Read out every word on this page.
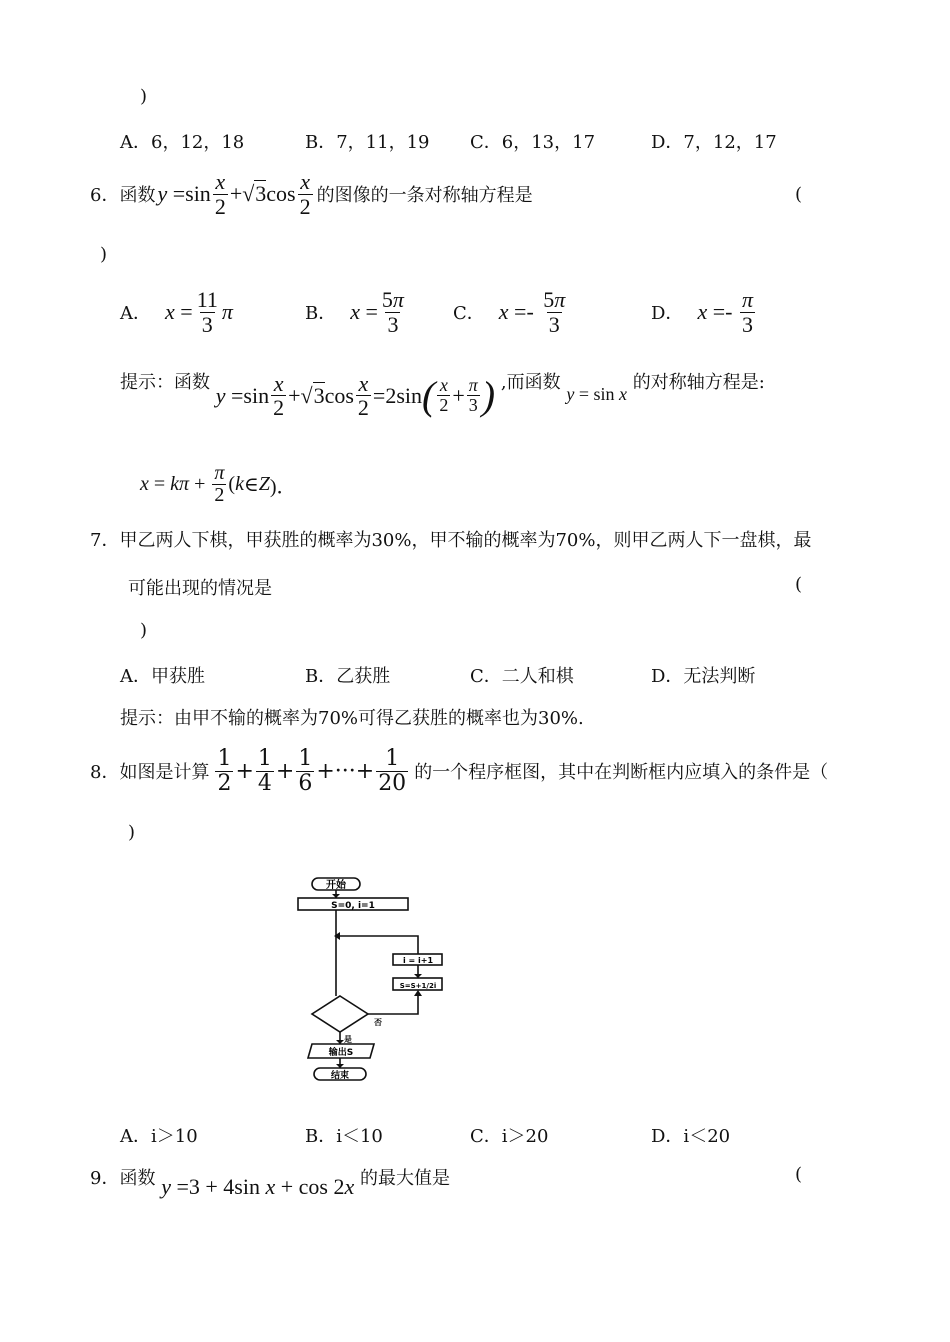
)
A．6，12，18	B．7，11，19 C．6，13，17	D．7，12，17
6． 函数 $y =\sin \frac{x}{2} +√3\cos \frac{x}{2}$ 的图像的一条对称轴方程是	(
)
A． $x = \frac{11}{3}$ π	B． $x = \frac{5\pi}{3}$	C． $x =- \frac{5\pi}{3}$	D． $x =- \frac{\pi}{3}$
提示：函数 $y =\sin \frac{x}{2} +√3\cos \frac{x}{2} =2\sin$ ( $\frac{x}{2} + \frac{\pi}{3}$ ) ,而函数 y = sin x 的对称轴方程是:
$x = k\pi + \frac{\pi}{2}$ ( k ∈ Z )．
7．甲乙两人下棋，甲获胜的概率为30%，甲不输的概率为70%，则甲乙两人下一盘棋，最
可能出现的情况是	(
)
A．甲获胜	B．乙获胜	C．二人和棋	D．无法判断
提示：由甲不输的概率为70%可得乙获胜的概率也为30%.
8． 如图是计算 $\frac{1}{2} + \frac{1}{4} + \frac{1}{6}$ +···+ $\frac{1}{20}$ 的一个程序框图，其中在判断框内应填入的条件是（
)
开始
S=0, i=1
i = i+1
S=S+1/2i
否
是
输出S
结束
A．i＞10	B．i＜10	C．i＞20	D．i＜20
9．函数 y =3 + 4sin x + cos 2x 的最大值是	(
